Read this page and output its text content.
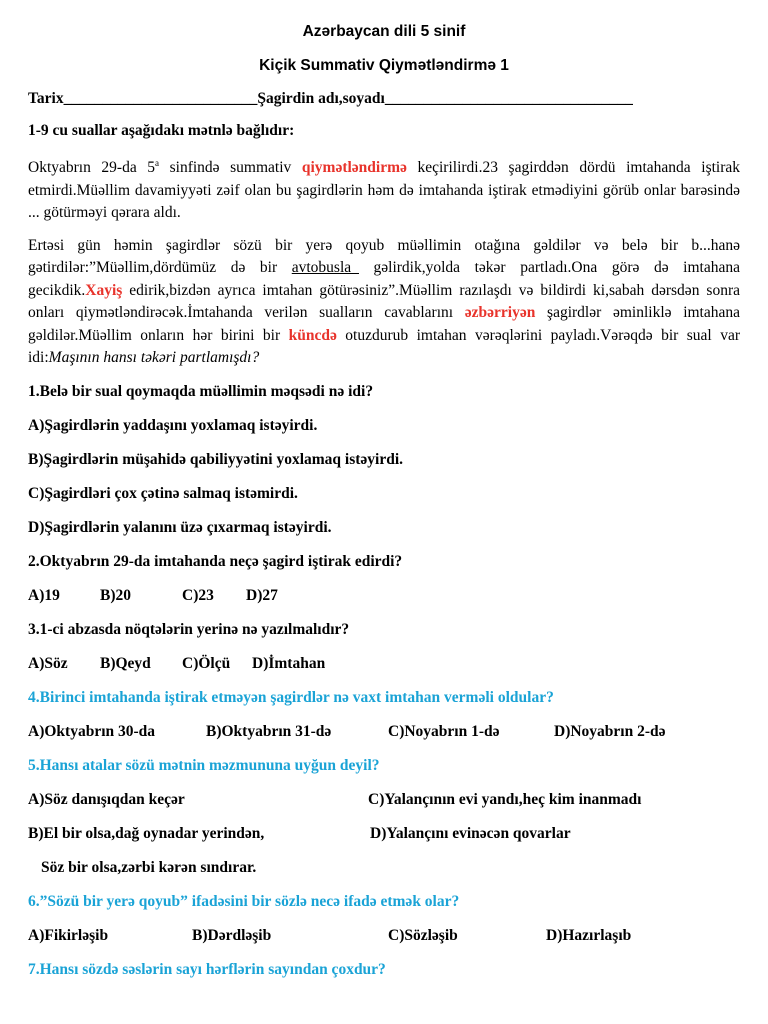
Azərbaycan dili 5 sinif
Kiçik Summativ Qiymətləndirmə 1

Tarix_________________________Şagirdin adı,soyadı________________________________

1-9 cu suallar aşağıdakı mətnlə bağlıdır:

Oktyabrın 29-da 5$^a$ sinfində summativ qiymətləndirmə keçirilirdi.23 şagirddən dördü imtahanda iştirak etmirdi.Müəllim davamiyyəti zəif olan bu şagirdlərin həm də imtahanda iştirak etmədiyini görüb onlar barəsində ... götürməyi qərara aldı.

Ertəsi gün həmin şagirdlər sözü bir yerə qoyub müəllimin otağına gəldilər və belə bir b...hanə gətirdilər:”Müəllim,dördümüz də bir avtobusla_ gəlirdik,yolda təkər partladı.Ona görə də imtahana gecikdik.Xayiş edirik,bizdən ayrıca imtahan götürəsiniz”.Müəllim razılaşdı və bildirdi ki,sabah dərsdən sonra onları qiymətləndirəcək.İmtahanda verilən sualların cavablarını əzbərriyən şagirdlər əminliklə imtahana gəldilər.Müəllim onların hər birini bir küncdə otuzdurub imtahan vərəqlərini payladı.Vərəqdə bir sual var idi:Maşının hansı təkəri partlamışdı?

1.Belə bir sual qoymaqda müəllimin məqsədi nə idi?

A)Şagirdlərin yaddaşını yoxlamaq istəyirdi.

B)Şagirdlərin müşahidə qabiliyyətini yoxlamaq istəyirdi.

C)Şagirdləri çox çətinə salmaq istəmirdi.

D)Şagirdlərin yalanını üzə çıxarmaq istəyirdi.

2.Oktyabrın 29-da imtahanda neçə şagird iştirak edirdi?

A)19	B)20	C)23 D)27

3.1-ci abzasda nöqtələrin yerinə nə yazılmalıdır?

A)Söz B)Qeyd C)Ölçü D)İmtahan

4.Birinci imtahanda iştirak etməyən şagirdlər nə vaxt imtahan verməli oldular?

A)Oktyabrın 30-da	B)Oktyabrın 31-də	C)Noyabrın 1-də	D)Noyabrın 2-də

5.Hansı atalar sözü mətnin məzmununa uyğun deyil?

A)Söz danışıqdan keçər	C)Yalançının evi yandı,heç kim inanmadı

B)El bir olsa,dağ oynadar yerindən,	D)Yalançını evinəcən qovarlar

Söz bir olsa,zərbi kərən sındırar.

6.”Sözü bir yerə qoyub” ifadəsini bir sözlə necə ifadə etmək olar?

A)Fikirləşib	B)Dərdləşib	C)Sözləşib	D)Hazırlaşıb

7.Hansı sözdə səslərin sayı hərflərin sayından çoxdur?
